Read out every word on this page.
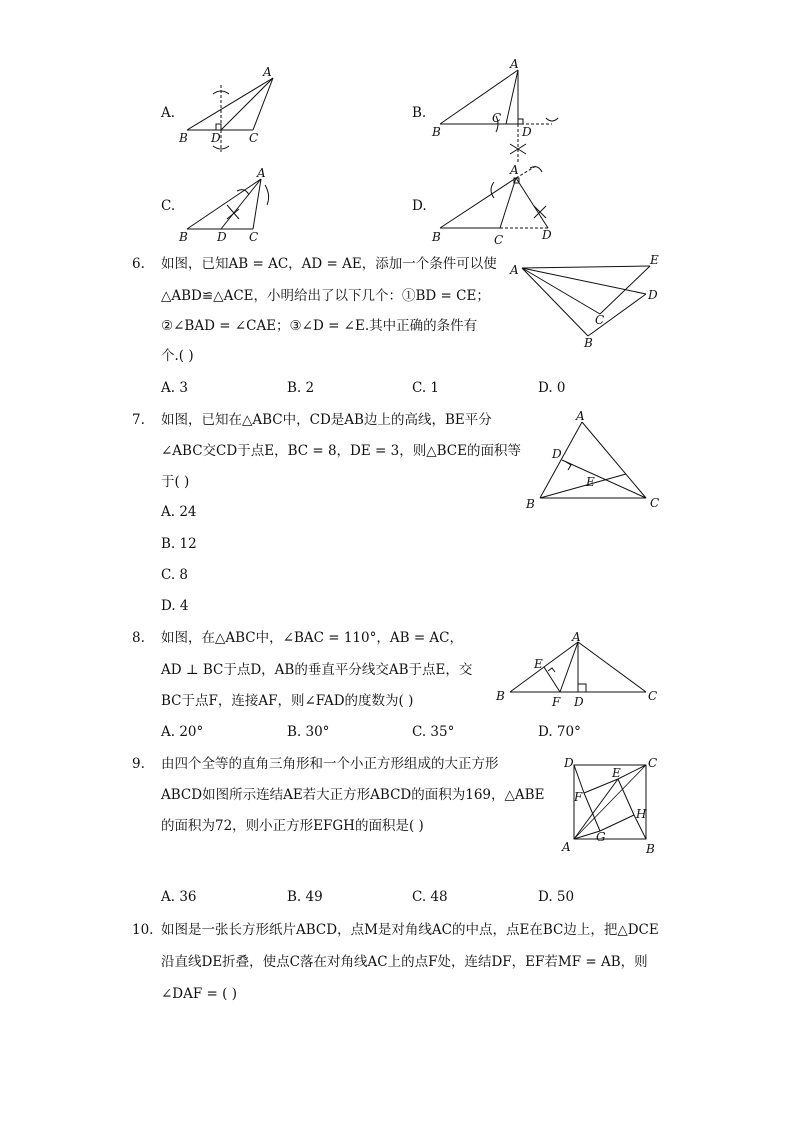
A.	B.
C.	D.
A
B D C
A
B
C
D
A
B D C
A
B	C	D
6. 如图，已知AB = AC，AD = AE，添加一个条件可以使
△ABD≌△ACE，小明给出了以下几个：①BD = CE；
②∠BAD = ∠CAE；③∠D = ∠E.其中正确的条件有
个.( )
A. 3	B. 2	C. 1	D. 0
A
E
D
C
B
7. 如图，已知在△ABC中，CD是AB边上的高线，BE平分
∠ABC交CD于点E，BC = 8，DE = 3，则△BCE的面积等
于( )
A. 24
B. 12
C. 8
D. 4
A
D
E
B	C
8. 如图，在△ABC中，∠BAC = 110°，AB = AC，
AD ⊥ BC于点D，AB的垂直平分线交AB于点E，交
BC于点F，连接AF，则∠FAD的度数为( )
A. 20°	B. 30°	C. 35°	D. 70°
A
E
B	F D	C
9. 由四个全等的直角三角形和一个小正方形组成的大正方形
ABCD如图所示连结AE若大正方形ABCD的面积为169，△ABE
的面积为72，则小正方形EFGH的面积是( )
A. 36	B. 49	C. 48	D. 50
D	C
E
F
H
G
A	B
10. 如图是一张长方形纸片ABCD，点M是对角线AC的中点，点E在BC边上，把△DCE
沿直线DE折叠，使点C落在对角线AC上的点F处，连结DF，EF若MF = AB，则
∠DAF = ( )
